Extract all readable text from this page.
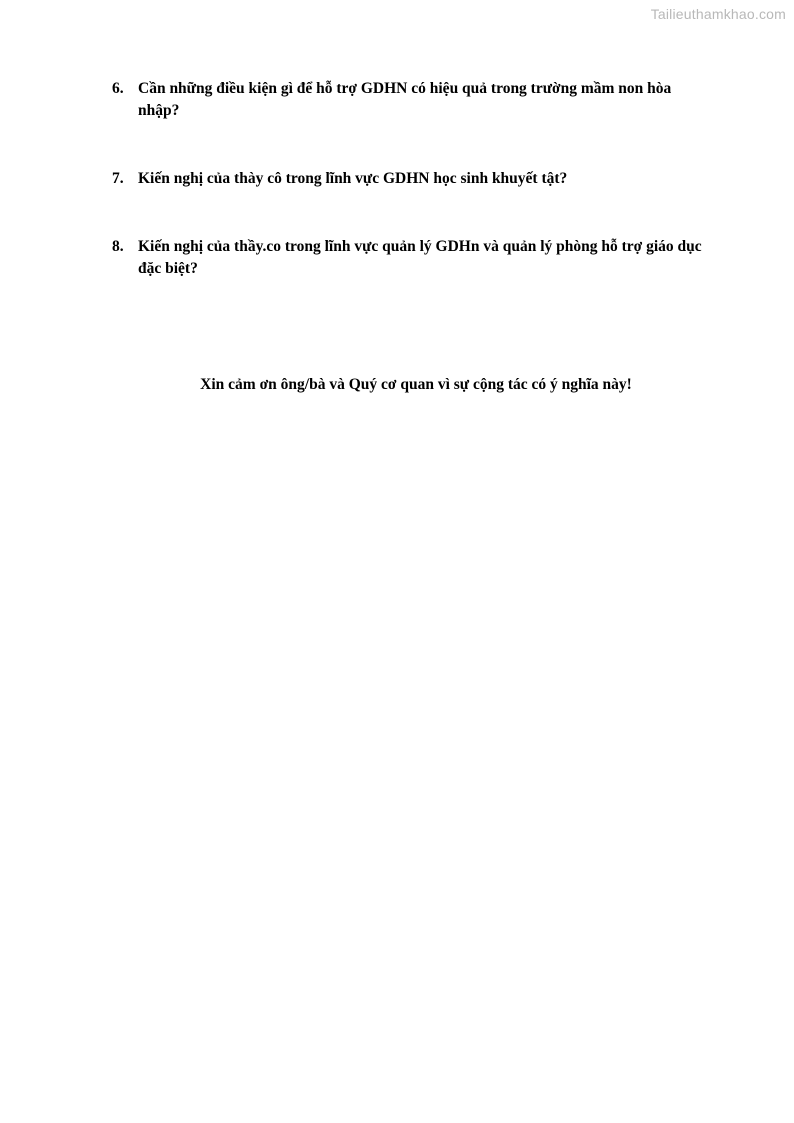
Tailieuthamkhao.com
6. Cần những điều kiện gì để hỗ trợ GDHN có hiệu quả trong trường mầm non hòa nhập?
7. Kiến nghị của thày cô trong lĩnh vực GDHN học sinh khuyết tật?
8. Kiến nghị của thầy.co trong lĩnh vực quản lý GDHn và quản lý phòng hỗ trợ giáo dục đặc biệt?
Xin cảm ơn ông/bà và Quý cơ quan vì sự cộng tác có ý nghĩa này!
